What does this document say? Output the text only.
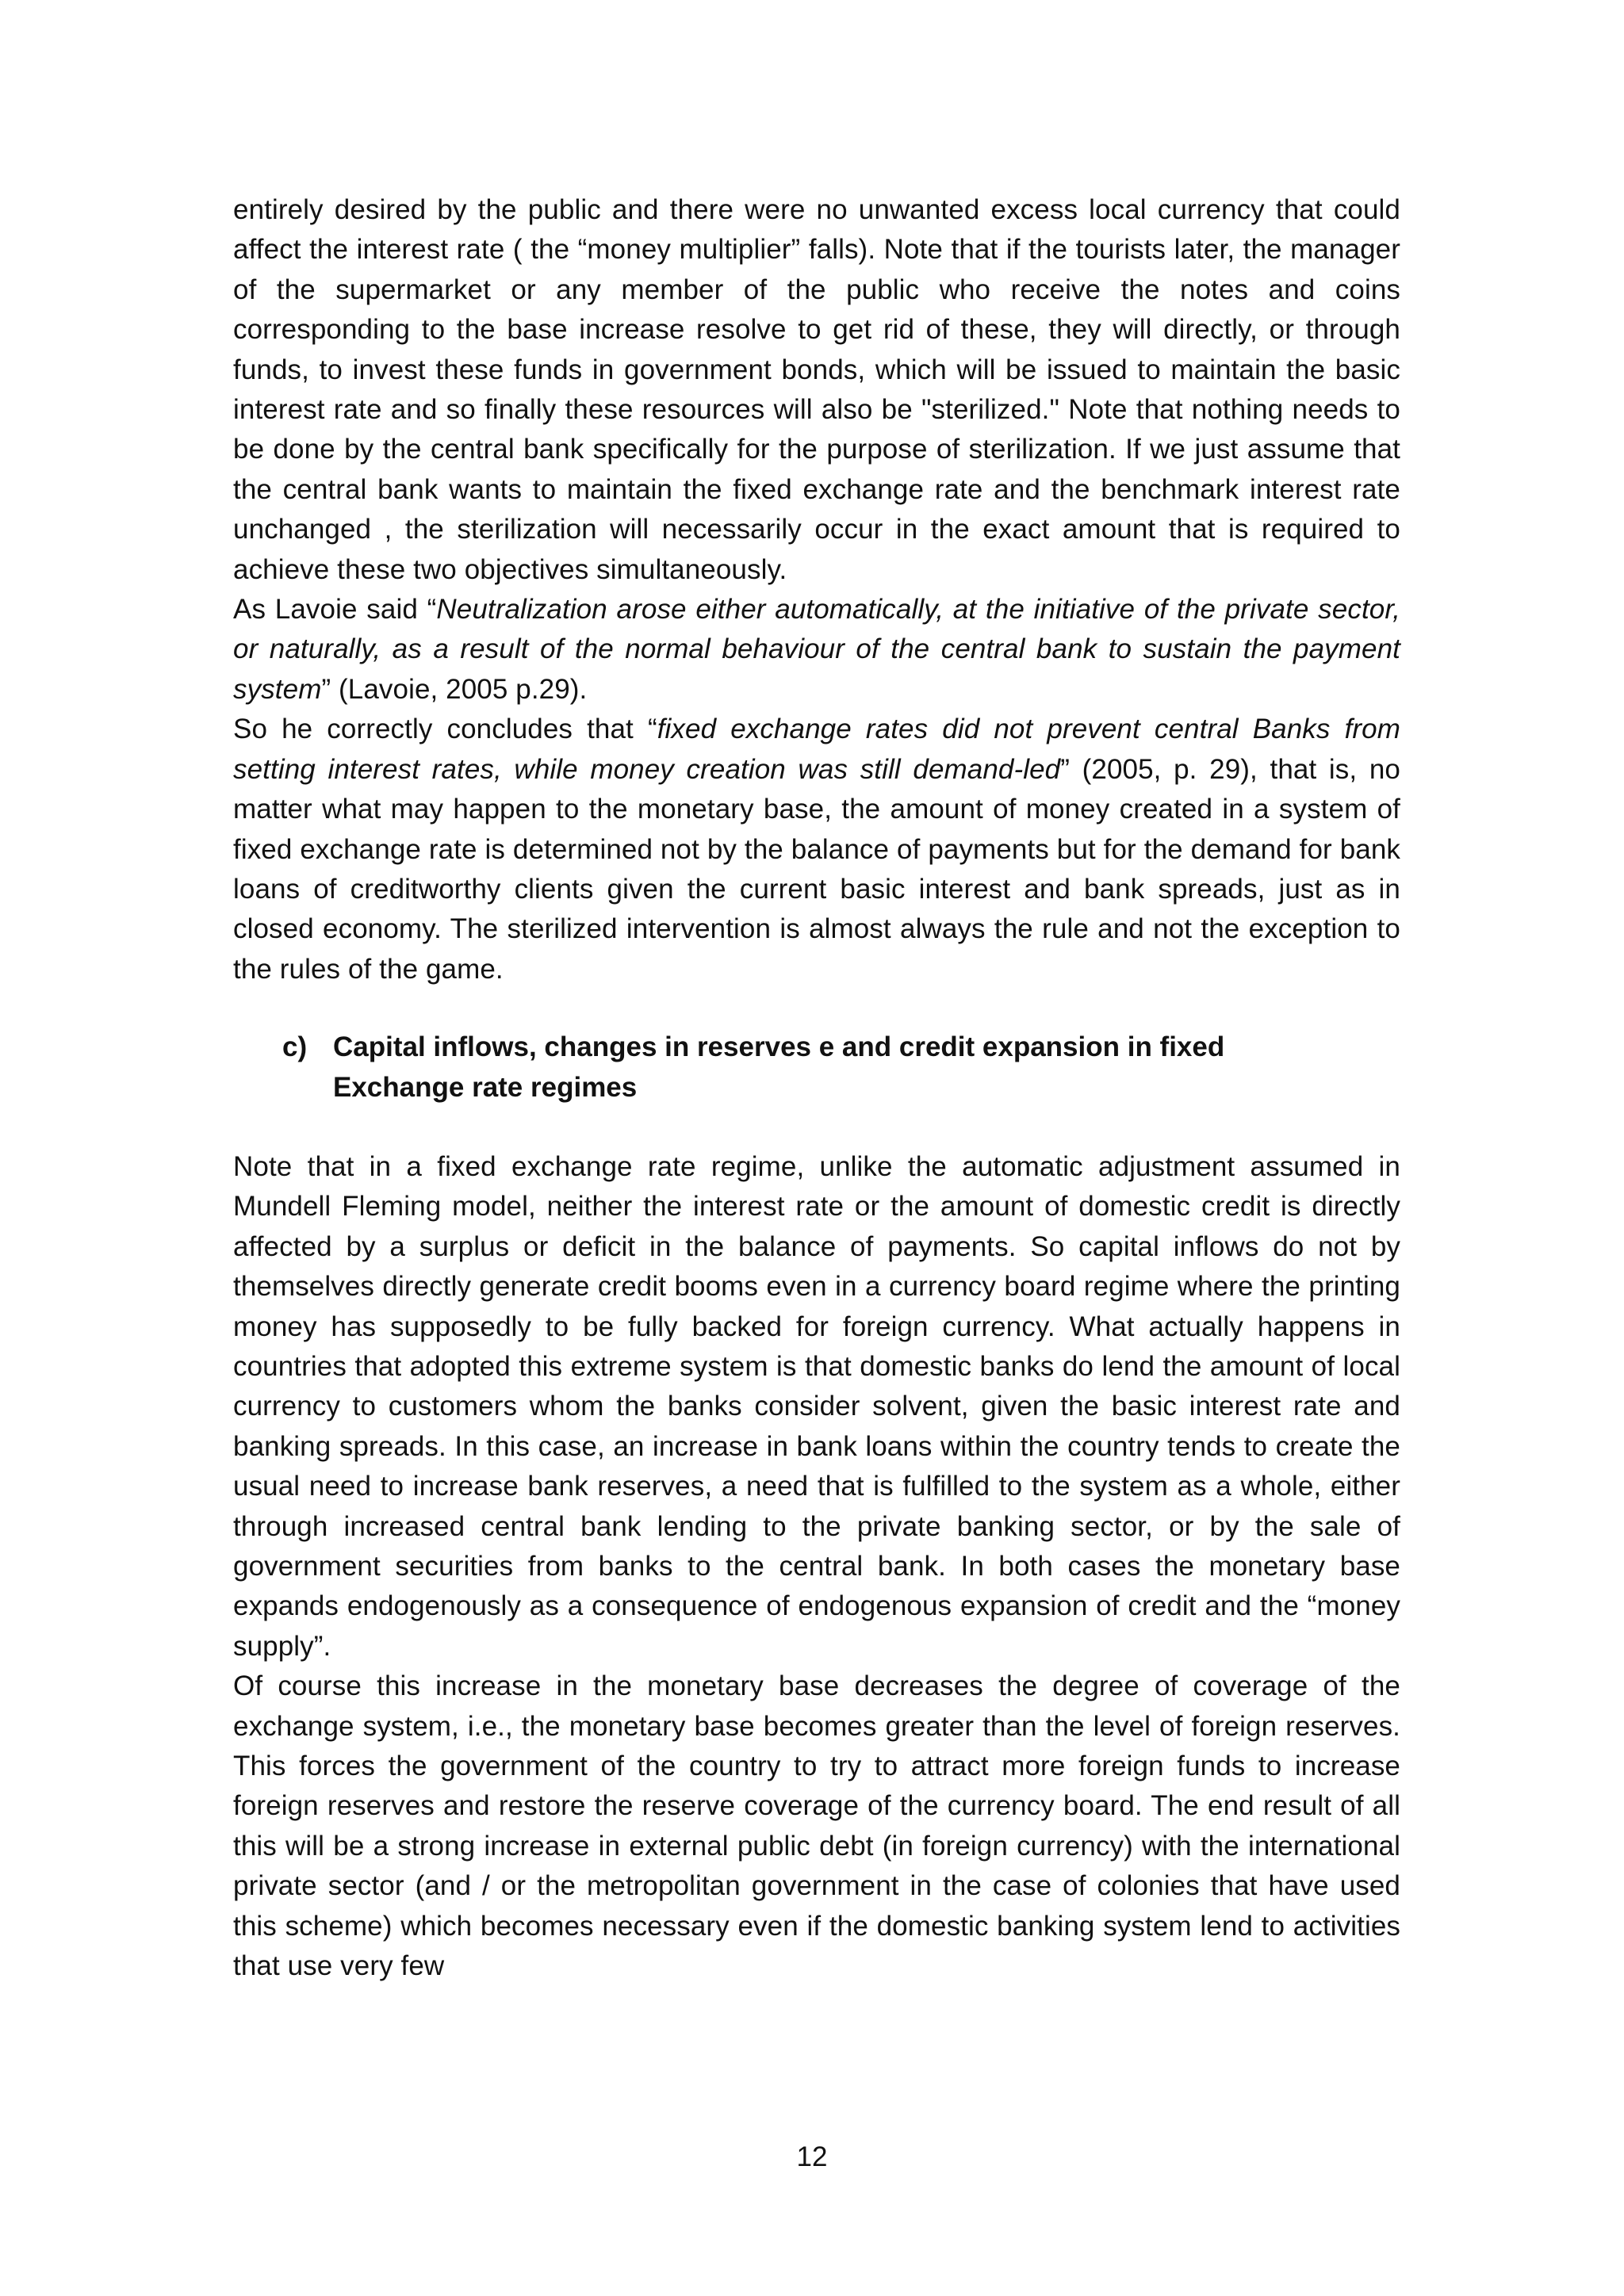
entirely desired by the public and there were no unwanted excess local currency that could affect the interest rate ( the “money multiplier” falls). Note that if the tourists later, the manager of the supermarket or any member of the public who receive the notes and coins corresponding to the base increase resolve to get rid of these, they will directly, or through funds, to invest these funds in government bonds, which will be issued to maintain the basic interest rate and so finally these resources will also be "sterilized." Note that nothing needs to be done by the central bank specifically for the purpose of sterilization. If we just assume that the central bank wants to maintain the fixed exchange rate and the benchmark interest rate unchanged , the sterilization will necessarily occur in the exact amount that is required to achieve these two objectives simultaneously.

As Lavoie said “Neutralization arose either automatically, at the initiative of the private sector, or naturally, as a result of the normal behaviour of the central bank to sustain the payment system” (Lavoie, 2005 p.29).

So he correctly concludes that “fixed exchange rates did not prevent central Banks from setting interest rates, while money creation was still demand-led” (2005, p. 29), that is, no matter what may happen to the monetary base, the amount of money created in a system of fixed exchange rate is determined not by the balance of payments but for the demand for bank loans of creditworthy clients given the current basic interest and bank spreads, just as in closed economy. The sterilized intervention is almost always the rule and not the exception to the rules of the game.

c) Capital inflows, changes in reserves e and credit expansion in fixed Exchange rate regimes

Note that in a fixed exchange rate regime, unlike the automatic adjustment assumed in Mundell Fleming model, neither the interest rate or the amount of domestic credit is directly affected by a surplus or deficit in the balance of payments. So capital inflows do not by themselves directly generate credit booms even in a currency board regime where the printing money has supposedly to be fully backed for foreign currency. What actually happens in countries that adopted this extreme system is that domestic banks do lend the amount of local currency to customers whom the banks consider solvent, given the basic interest rate and banking spreads. In this case, an increase in bank loans within the country tends to create the usual need to increase bank reserves, a need that is fulfilled to the system as a whole, either through increased central bank lending to the private banking sector, or by the sale of government securities from banks to the central bank. In both cases the monetary base expands endogenously as a consequence of endogenous expansion of credit and the “money supply”.

Of course this increase in the monetary base decreases the degree of coverage of the exchange system, i.e., the monetary base becomes greater than the level of foreign reserves. This forces the government of the country to try to attract more foreign funds to increase foreign reserves and restore the reserve coverage of the currency board. The end result of all this will be a strong increase in external public debt (in foreign currency) with the international private sector (and / or the metropolitan government in the case of colonies that have used this scheme) which becomes necessary even if the domestic banking system lend to activities that use very few

12
